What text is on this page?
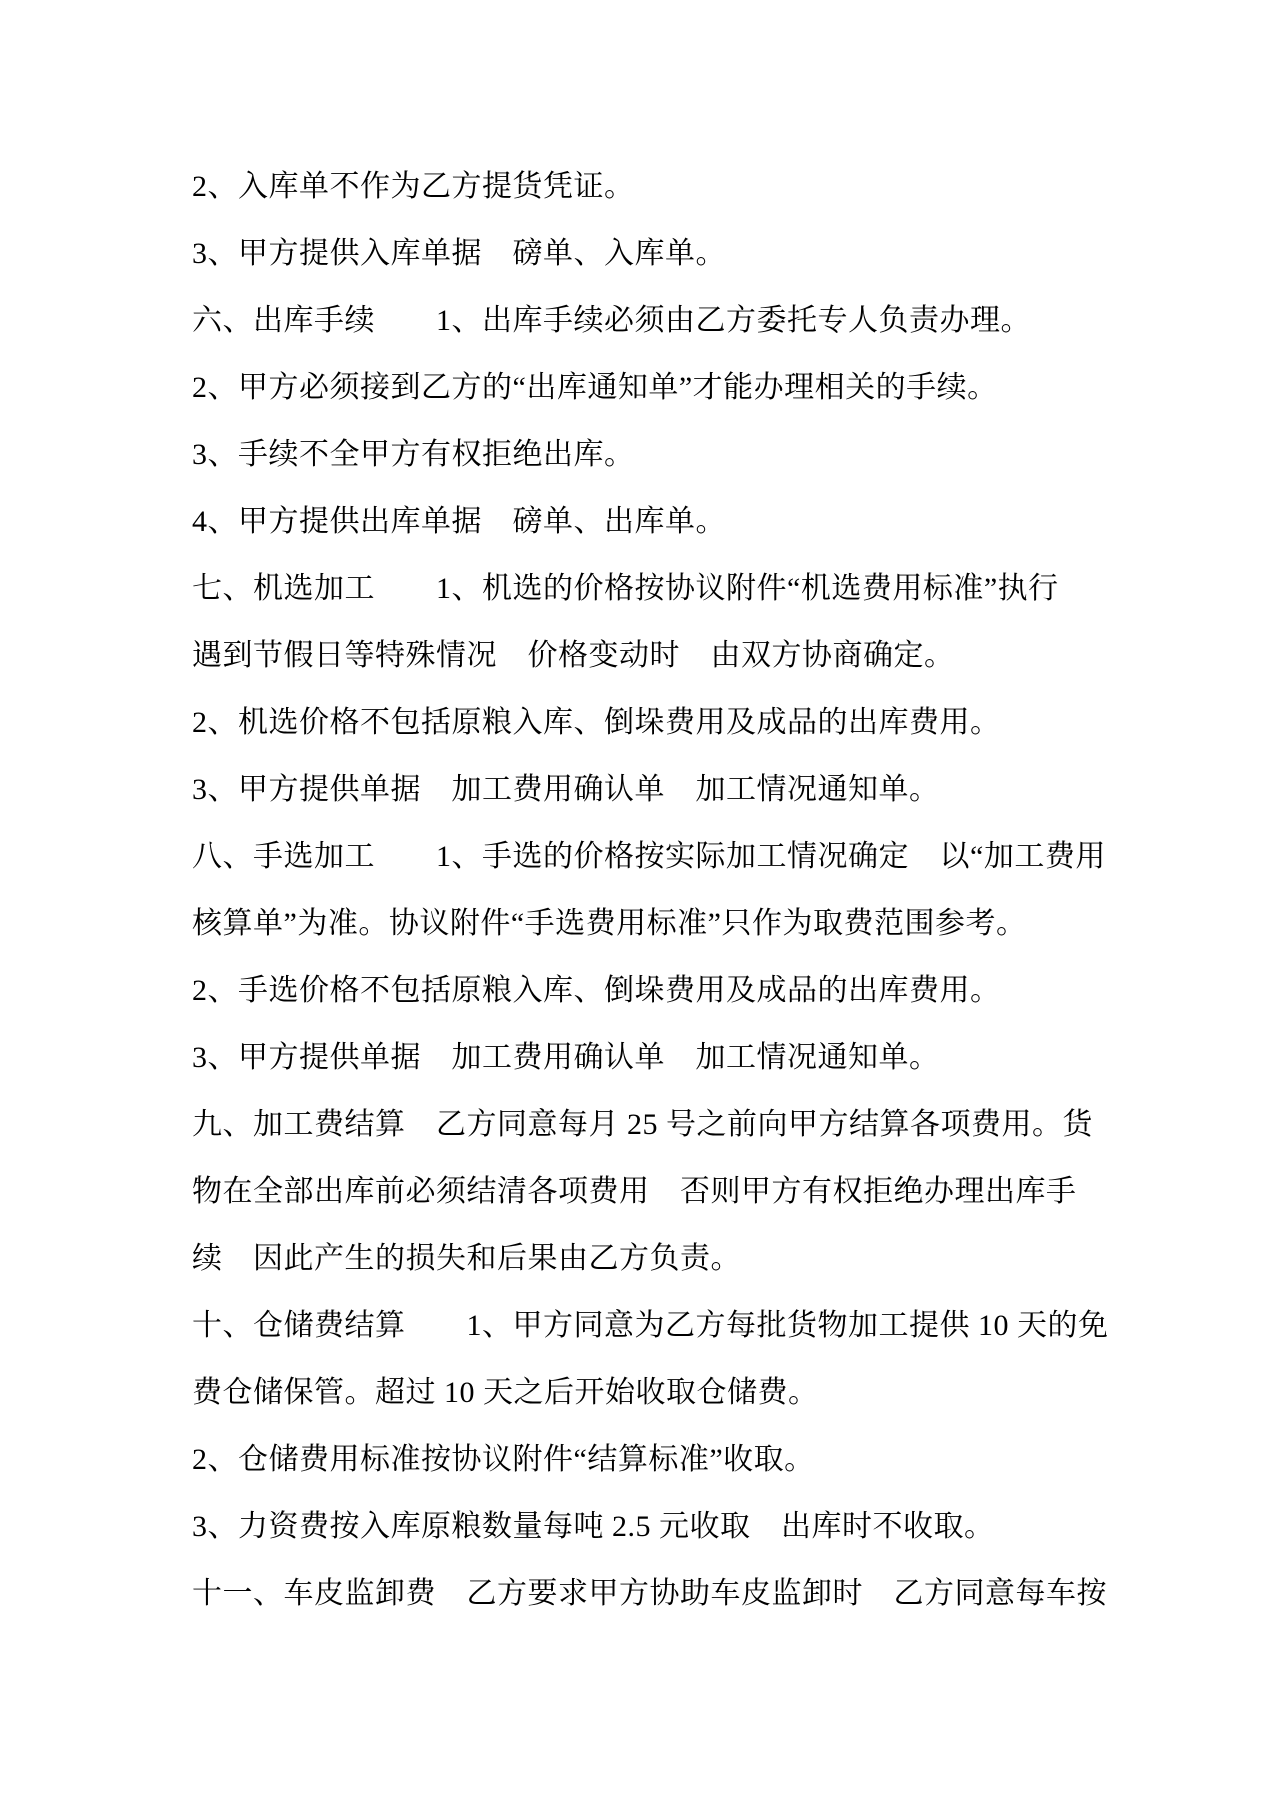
2、入库单不作为乙方提货凭证。
3、甲方提供入库单据　磅单、入库单。
六、出库手续　　1、出库手续必须由乙方委托专人负责办理。
2、甲方必须接到乙方的“出库通知单”才能办理相关的手续。
3、手续不全甲方有权拒绝出库。
4、甲方提供出库单据　磅单、出库单。
七、机选加工　　1、机选的价格按协议附件“机选费用标准”执行
遇到节假日等特殊情况　价格变动时　由双方协商确定。
2、机选价格不包括原粮入库、倒垛费用及成品的出库费用。
3、甲方提供单据　加工费用确认单　加工情况通知单。
八、手选加工　　1、手选的价格按实际加工情况确定　以“加工费用
核算单”为准。协议附件“手选费用标准”只作为取费范围参考。
2、手选价格不包括原粮入库、倒垛费用及成品的出库费用。
3、甲方提供单据　加工费用确认单　加工情况通知单。
九、加工费结算　乙方同意每月 25 号之前向甲方结算各项费用。货
物在全部出库前必须结清各项费用　否则甲方有权拒绝办理出库手
续　因此产生的损失和后果由乙方负责。
十、仓储费结算　　1、甲方同意为乙方每批货物加工提供 10 天的免
费仓储保管。超过 10 天之后开始收取仓储费。
2、仓储费用标准按协议附件“结算标准”收取。
3、力资费按入库原粮数量每吨 2.5 元收取　出库时不收取。
十一、车皮监卸费　乙方要求甲方协助车皮监卸时　乙方同意每车按
